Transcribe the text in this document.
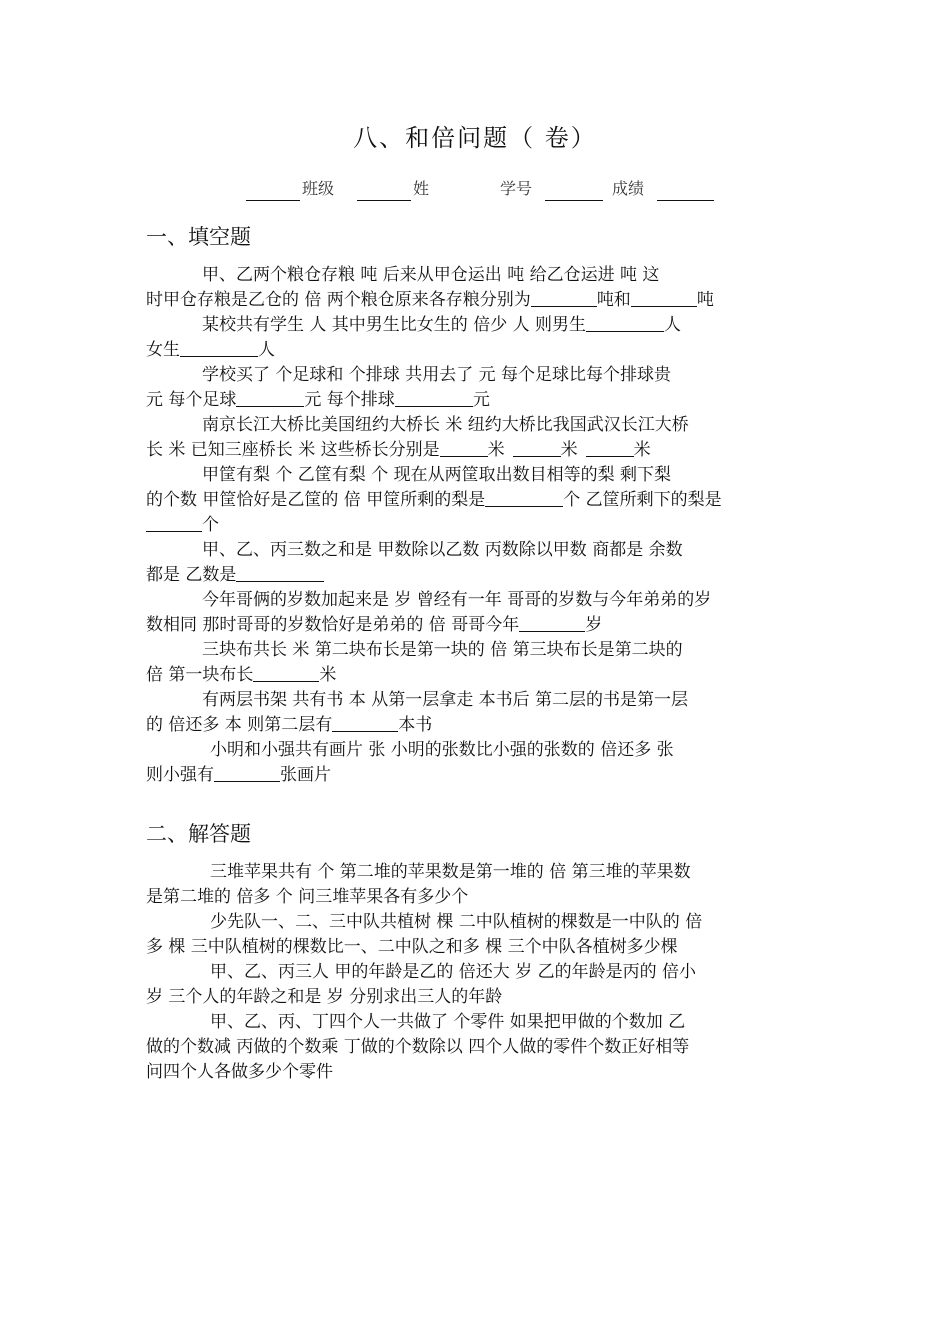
八、和倍问题（ 卷）
班级	姓	学号	成绩
一、填空题
甲、乙两个粮仓存粮 吨 后来从甲仓运出 吨 给乙仓运进 吨 这
时甲仓存粮是乙仓的 倍 两个粮仓原来各存粮分别为	吨和	吨
某校共有学生 人 其中男生比女生的 倍少 人 则男生	人
女生	人
学校买了 个足球和 个排球 共用去了 元 每个足球比每个排球贵
元 每个足球	元 每个排球	元
南京长江大桥比美国纽约大桥长 米 纽约大桥比我国武汉长江大桥
长 米 已知三座桥长 米 这些桥长分别是	米	米	米
甲筐有梨 个 乙筐有梨 个 现在从两筐取出数目相等的梨 剩下梨
的个数 甲筐恰好是乙筐的 倍 甲筐所剩的梨是	个 乙筐所剩下的梨是
个
甲、乙、丙三数之和是 甲数除以乙数 丙数除以甲数 商都是 余数
都是 乙数是
今年哥俩的岁数加起来是 岁 曾经有一年 哥哥的岁数与今年弟弟的岁
数相同 那时哥哥的岁数恰好是弟弟的 倍 哥哥今年	岁
三块布共长 米 第二块布长是第一块的 倍 第三块布长是第二块的
倍 第一块布长	米
有两层书架 共有书 本 从第一层拿走 本书后 第二层的书是第一层
的 倍还多 本 则第二层有	本书
小明和小强共有画片 张 小明的张数比小强的张数的 倍还多 张
则小强有	张画片
二、解答题
三堆苹果共有 个 第二堆的苹果数是第一堆的 倍 第三堆的苹果数
是第二堆的 倍多 个 问三堆苹果各有多少个
少先队一、二、三中队共植树 棵 二中队植树的棵数是一中队的 倍
多 棵 三中队植树的棵数比一、二中队之和多 棵 三个中队各植树多少棵
甲、乙、丙三人 甲的年龄是乙的 倍还大 岁 乙的年龄是丙的 倍小
岁 三个人的年龄之和是 岁 分别求出三人的年龄
甲、乙、丙、丁四个人一共做了 个零件 如果把甲做的个数加 乙
做的个数减 丙做的个数乘 丁做的个数除以 四个人做的零件个数正好相等
问四个人各做多少个零件
